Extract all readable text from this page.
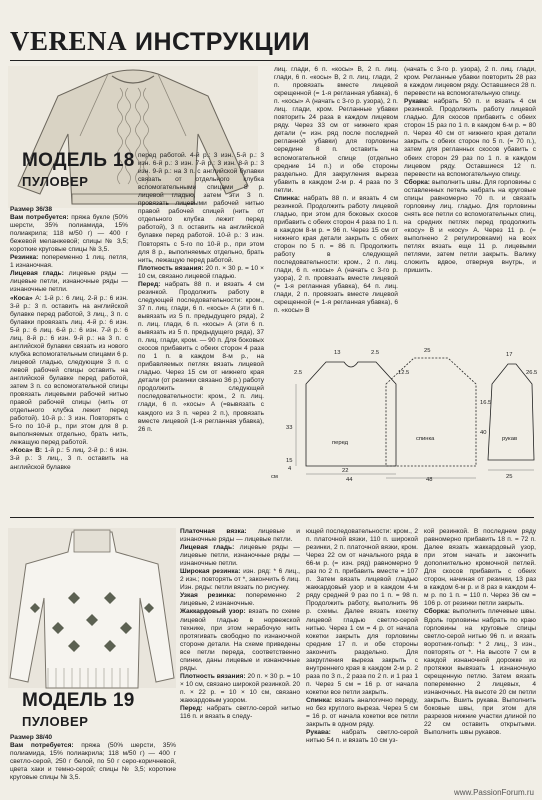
VERENA ИНСТРУКЦИИ
МОДЕЛЬ 18
ПУЛОВЕР

Размер 36/38

Вам потребуется: пряжа букле (50% шерсти, 35% полиамида, 15% полиакрила; 118 м/50 г) — 400 г бежевой меланжевой; спицы № 3,5; короткие круговые спицы № 3,5.

Резинка: попеременно 1 лиц. петля, 1 изнаночная.

Лицевая гладь: лицевые ряды — лицевые петли, изнаночные ряды — изнаночные петли.

«Коса» А: 1-й р.: 6 лиц. 2-й р.: 6 изн. 3-й р.: 3 п. оставить на английской булавке перед работой, 3 лиц., 3 п. с булавки провязать лиц. 4-й р.: 6 изн. 5-й р.: 6 лиц. 6-й р.: 6 изн. 7-й р.: 6 лиц. 8-й р.: 6 изн. 9-й р.: на 3 п. с английской булавки связать из нового клубка вспомогательным спицами 6 р. лицевой гладью, следующие 3 п. с левой рабочей спицы оставить на английской булавке перед работой, затем 3 п. со вспомогательной спицы провязать лицевыми рабочей нитью правой рабочей спицы (нить от отдельного клубка лежит перед работой). 10-й р.: 3 изн. Повторять с 5-го по 10-й р., при этом для 8 р. выполняемых отдельно, брать нить, лежащую перед работой.

«Коса» В: 1-й р.: 5 лиц. 2-й р.: 6 изн. 3-й р.: 3 лиц., 3 п. оставить на английской булавке

перед работой. 4-й р.: 3 изн. 5-й р.: 3 изн. 6-й р.: 3 изн. 7-й р.: 3 изн. 8-й р.: 3 изн. 9-й р.: на 3 п. с английской булавки связать от отдельного клубка вспомогательными спицами 8 р. лицевой гладью, затем эти 3 п. провязать лицевыми рабочей нитью правой рабочей спицей (нить от отдельного клубка лежит перед работой), 3 п. оставить на английской булавке перед работой. 10-й р.: 3 изн. Повторять с 5-го по 10-й р., при этом для 8 р., выполняемых отдельно, брать нить, лежащую перед работой.

Плотность вязания: 20 п. × 30 р. = 10 × 10 см, связано лицевой гладью.

Перед: набрать 88 п. и вязать 4 см резинкой. Продолжить работу в следующей последовательности: кром., 37 п. лиц. глади, 6 п. «косы» А (эти 6 п. вывязать из 5 п. предыдущего ряда), 2 п. лиц. глади, 6 п. «косы» А (эти 6 п. вывязать из 5 п. предыдущего ряда), 37 п. лиц. глади, кром. — 90 п. Для боковых скосов прибавить с обеих сторон 4 раза по 1 п. в каждом 8-м р., на прибавляемых петлях вязать лицевой гладью. Через 15 см от нижнего края детали (от резинки связано 36 р.) работу продолжить в следующей последовательности: кром., 2 п. лиц. глади, 6 п. «косы» А (=вывязать с каждого из 3 п. через 2 п.), провязать вместе лицевой (1-я регланная убавка), 26 п.

лиц. глади, 6 п. «косы» В, 2 п. лиц. глади, 6 п. «косы» В, 2 п. лиц. глади, 2 п. провязать вместе лицевой скрещенной (= 1-я регланная убавка), 6 п. «косы» А (начать с 3-го р. узора), 2 п. лиц. глади, кром. Регланные убавки повторить 24 раза в каждом лицевом ряду. Через 33 см от нижнего края детали (= изн. ряд после последней регланной убавки) для горловины середине 8 п. оставить на вспомогательной спице (отдельно средние 14 п.) и обе стороны раздельно. Для закругления выреза убавить в каждом 2-м р. 4 раза по 3 петли.

Спинка: набрать 88 п. и вязать 4 см резинкой. Продолжить работу лицевой гладью, при этом для боковых скосов прибавить с обеих сторон 4 раза по 1 п. в каждом 8-м р. = 96 п. Через 15 см от нижнего края детали закрыть с обеих сторон по 5 п. = 86 п. Продолжить работу в следующей последовательности: кром., 2 п. лиц. глади, 6 п. «косы» А (начать с 3-го р. узора), 2 п. провязать вместе лицевой (= 1-я регланная убавка), 64 п. лиц. глади, 2 п. провязать вместе лицевой скрещенной (= 1-я регланная убавка), 6 п. «косы» В

(начать с 3-го р. узора), 2 п. лиц. глади, кром. Регланные убавки повторить 28 раз в каждом лицевом ряду. Оставшиеся 28 п. перевести на вспомогательную спицу.

Рукава: набрать 50 п. и вязать 4 см резинкой. Продолжить работу лицевой гладью. Для скосов прибавить с обеих сторон 15 раз по 1 п. в каждом 6-м р. = 80 п. Через 40 см от нижнего края детали закрыть с обеих сторон по 5 п. (= 70 п.), затем для регланных скосов убавить с обеих сторон 29 раз по 1 п. в каждом лицевом ряду. Оставшиеся 12 п. перевести на вспомогательную спицу.

Сборка: выполнить швы. Для горловины с оставленных петель набрать на круговые спицы равномерно 70 п. и связать горловину лиц. гладью. Для горловины снять все петли со вспомогательных спиц, на средних петлях перед продолжить «косу» В и «косу» А. Через 11 р. (= выполнено 2 регулировками) на всех петлях вязать еще 11 р. лицевыми петлями, затем петли закрыть. Валику сложить вдвое, отвернув внутрь, и пришить.

13	2.5	25
12.5
17
26.5
16.5
40
2.5
33
перед
спинка	рукав
22
15
4
25
44	48
см
МОДЕЛЬ 19
ПУЛОВЕР

Размер 38/40

Вам потребуется: пряжа (50% шерсти, 35% полиамида, 15% полиакрила; 118 м/50 г) — 400 г светло-серой, 250 г белой, по 50 г серо-коричневой, цвета хаки и темно-серой; спицы № 3,5; короткие круговые спицы № 3,5.

Платочная вязка: лицевые и изнаночные ряды — лицевые петли.

Лицевая гладь: лицевые ряды — лицевые петли, изнаночные ряды — изнаночные петли.

Широкая резинка: изн. ряд: * 6 лиц., 2 изн.; повторять от *, закончить 6 лиц. Изн. ряды: петли вязать по рисунку.

Узкая резинка: попеременно 2 лицевые, 2 изнаночные.

Жаккардовый узор: вязать по схеме лицевой гладью в норвежской технике, при этом нерабочую нить протягивать свободно по изнаночной стороне детали. На схеме приведены все петли переда, соответственно спинки, даны лицевые и изнаночные ряды.

Плотность вязания: 20 п. × 30 р. = 10 × 10 см, связано широкой резинкой. 20 п. × 22 р. = 10 × 10 см, связано жаккардовым узором.

Перед: набрать светло-серой нитью 116 п. и вязать в следу-

ющей последовательности: кром., 2 п. платочной вязки, 110 п. широкой резинки, 2 п. платочной вязки, кром. Через 22 см от начального ряда в 66-м р. (= изн. ряд) равномерно 9 раз по 2 п. прибавить вместе = 107 п. Затем вязать лицевой гладью жаккардовый узор и в каждом 4-м ряду средней 9 раз по 1 п. = 98 п. Продолжить работу, выполнить 96 р. схемы. Далее вязать кокетку лицевой гладью светло-серой нитью. Через 1 см = 4 р. от начала кокетки закрыть для горловины средние 17 п. и обе стороны закончить раздельно. Для закругления выреза закрыть с внутреннего края в каждом 2-м р. 2 раза по 3 п., 2 раза по 2 п. и 1 раз 1 п. Через 5 см = 16 р. от начала кокетки все петли закрыть.

Спинка: вязать аналогично переду, но без круглого выреза. Через 5 см = 16 р. от начала кокетки все петли закрыть в одном ряду.

Рукава: набрать светло-серой нитью 54 п. и вязать 10 см уз-

кой резинкой. В последнем ряду равномерно прибавить 18 п. = 72 п. Далее вязать жаккардовый узор, при этом начать и закончить дополнительно кромочной петлей. Для скосов прибавить с обеих сторон, начиная от резинки, 13 раз в каждом 6-м р. и 8 раз в каждом 4-м р. по 1 п. = 110 п. Через 36 см = 106 р. от резинки петли закрыть.

Сборка: выполнить плечевые швы. Вдоль горловины набрать по краю горловины на круговые спицы светло-серой нитью 96 п. и вязать воротник-гольф: * 2 лиц., 3 изн., повторять от *. На высоте 7 см в каждой изнаночной дорожке из протяжки вывязать 1 изнаночную скрещенную петлю. Затем вязать попеременно 2 лицевых, 4 изнаночных. На высоте 20 см петли закрыть. Вшить рукава. Выполнить боковые швы, при этом для разрезов нижние участки длиной по 22 см оставить открытыми. Выполнить швы рукавов.

www.PassionForum.ru
